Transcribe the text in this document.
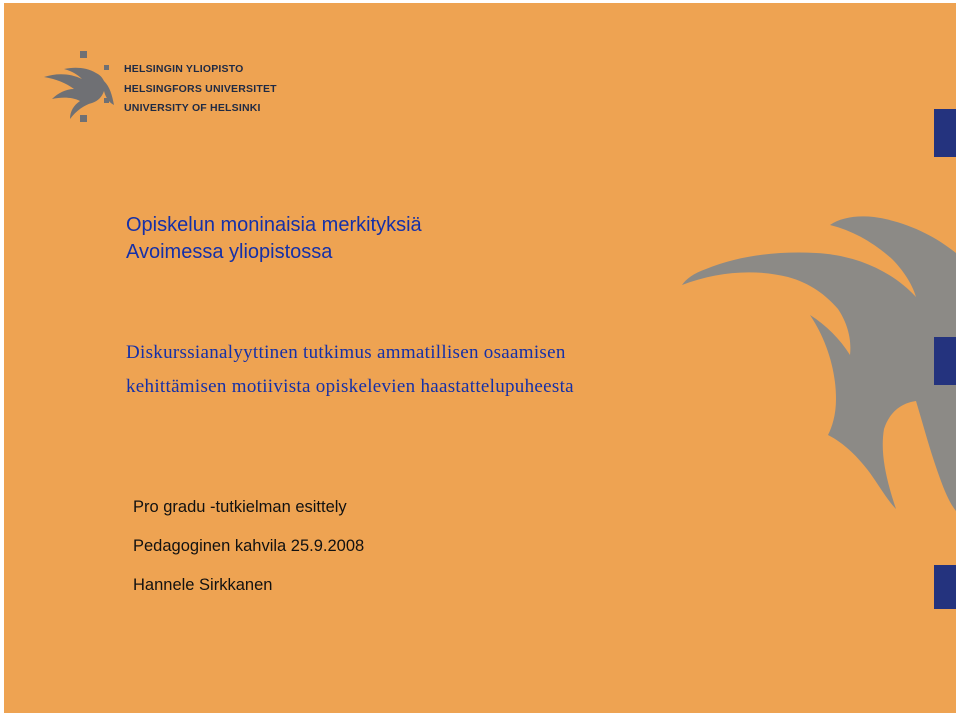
HELSINGIN YLIOPISTO
HELSINGFORS UNIVERSITET
UNIVERSITY OF HELSINKI
Opiskelun moninaisia merkityksiä
Avoimessa yliopistossa
Diskurssianalyyttinen tutkimus ammatillisen osaamisen
kehittämisen motiivista opiskelevien haastattelupuheesta
Pro gradu -tutkielman esittely
Pedagoginen kahvila 25.9.2008
Hannele Sirkkanen
